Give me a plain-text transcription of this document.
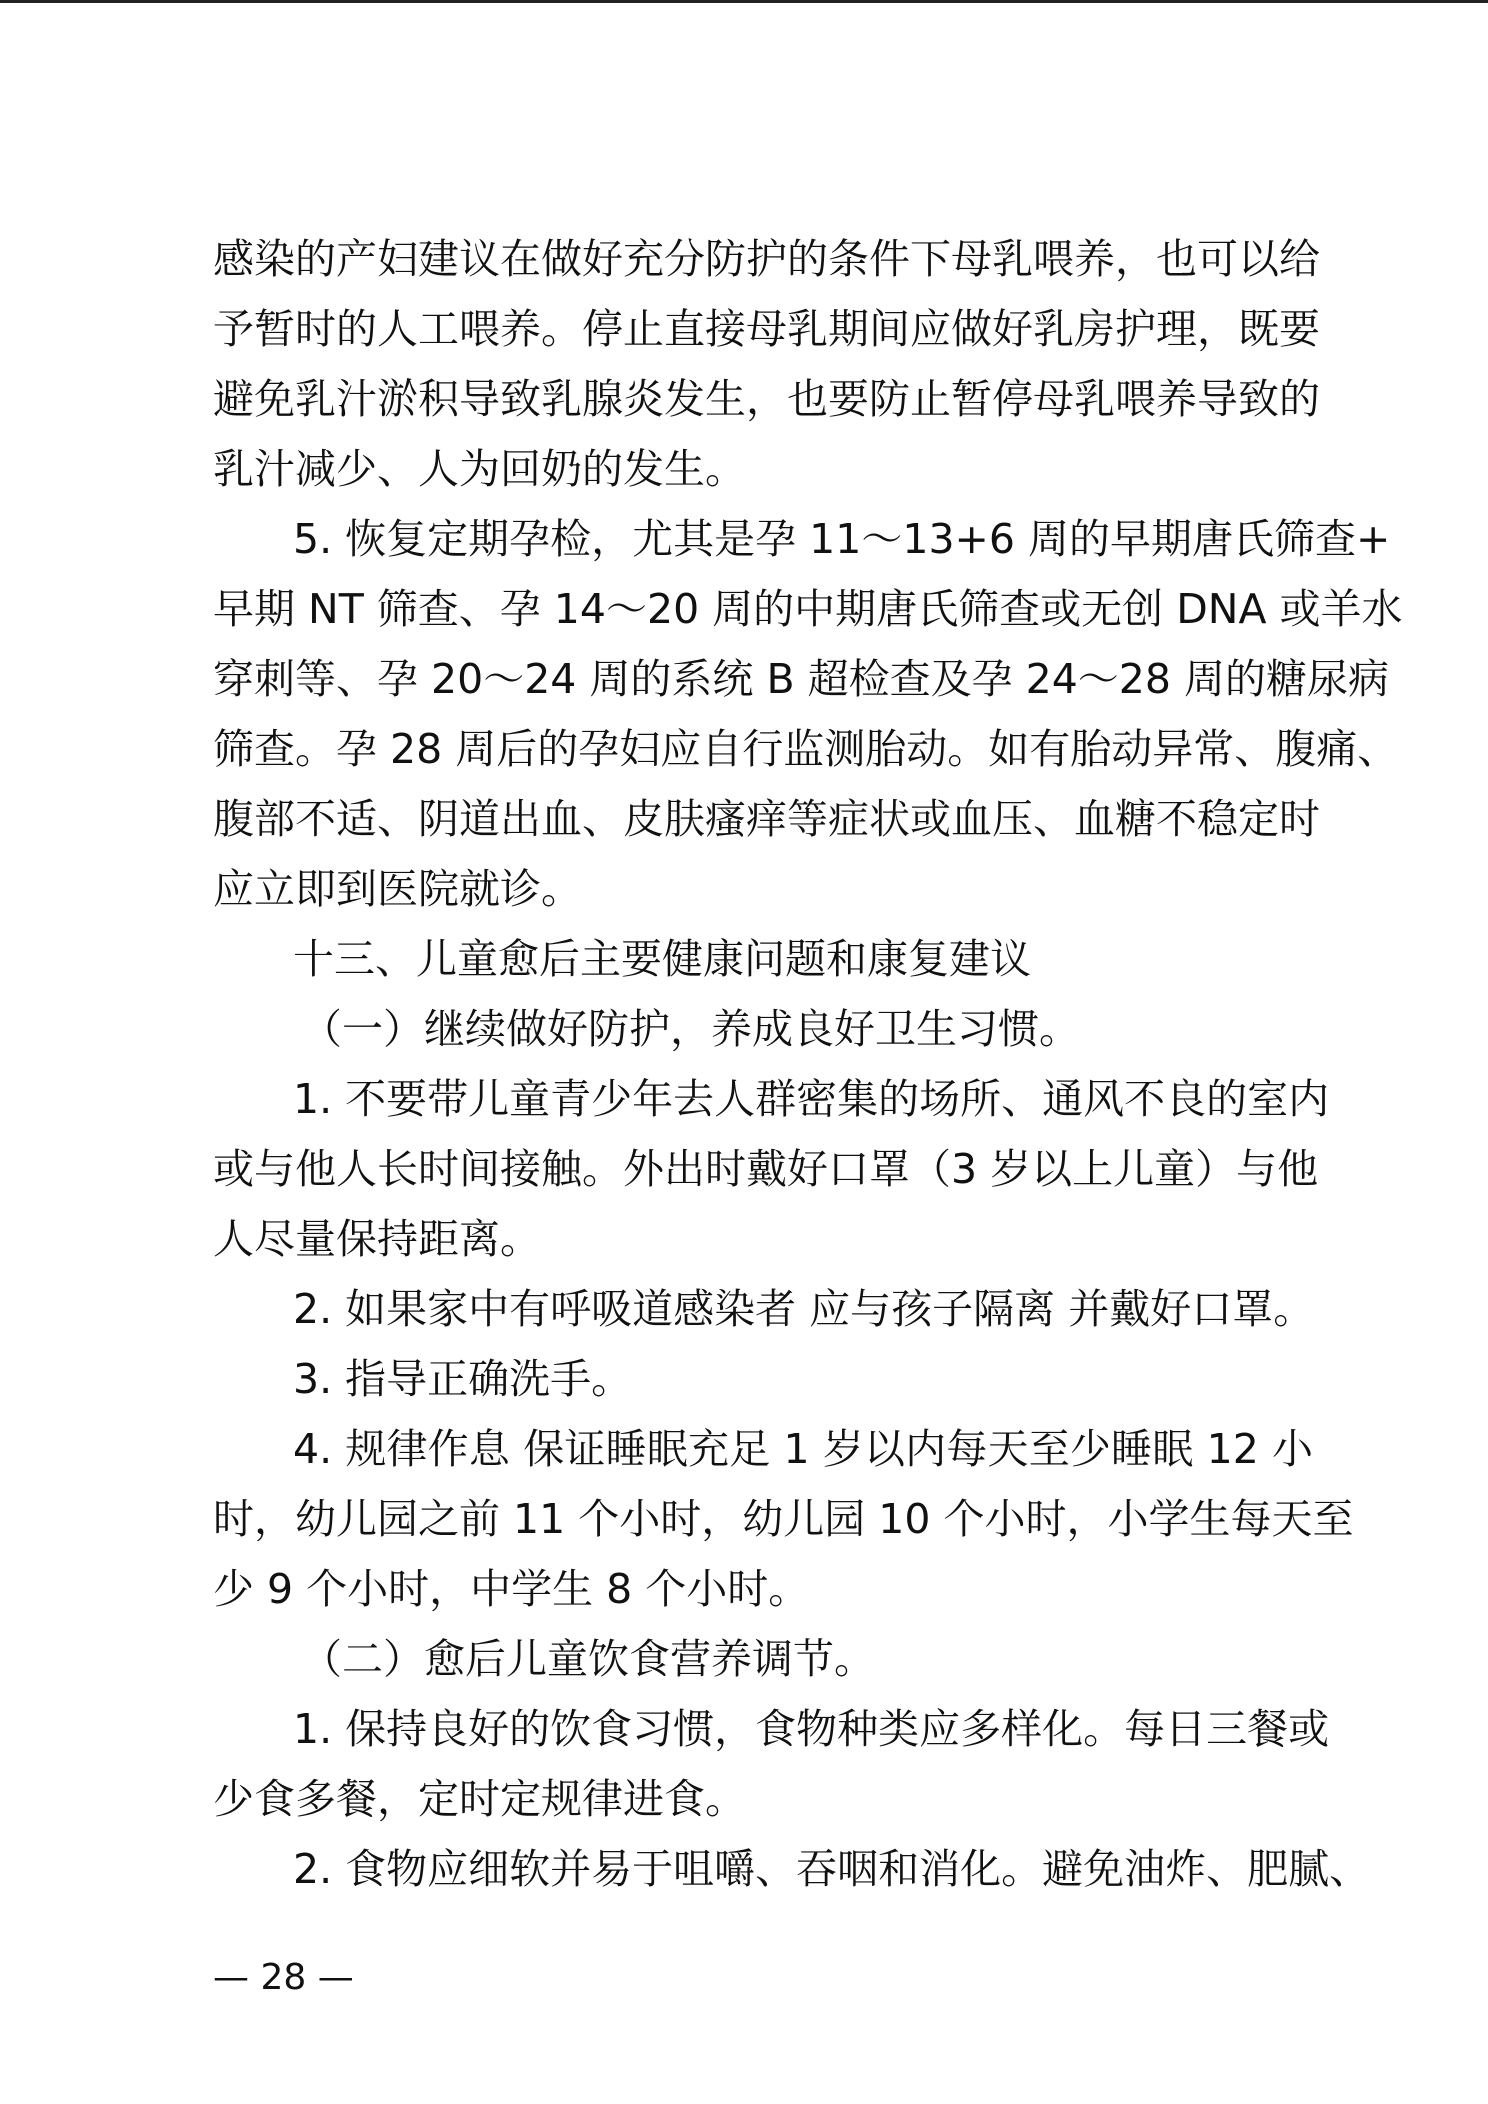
感染的产妇建议在做好充分防护的条件下母乳喂养，也可以给
予暂时的人工喂养。停止直接母乳期间应做好乳房护理，既要
避免乳汁淤积导致乳腺炎发生，也要防止暂停母乳喂养导致的
乳汁减少、人为回奶的发生。
5. 恢复定期孕检，尤其是孕 11～13+6 周的早期唐氏筛查+
早期 NT 筛查、孕 14～20 周的中期唐氏筛查或无创 DNA 或羊水
穿刺等、孕 20～24 周的系统 B 超检查及孕 24～28 周的糖尿病
筛查。孕 28 周后的孕妇应自行监测胎动。如有胎动异常、腹痛、
腹部不适、阴道出血、皮肤瘙痒等症状或血压、血糖不稳定时
应立即到医院就诊。
十三、儿童愈后主要健康问题和康复建议
（一）继续做好防护，养成良好卫生习惯。
1. 不要带儿童青少年去人群密集的场所、通风不良的室内
或与他人长时间接触。外出时戴好口罩（3 岁以上儿童）与他
人尽量保持距离。
2. 如果家中有呼吸道感染者 应与孩子隔离 并戴好口罩。
3. 指导正确洗手。
4. 规律作息 保证睡眠充足 1 岁以内每天至少睡眠 12 小
时，幼儿园之前 11 个小时，幼儿园 10 个小时，小学生每天至
少 9 个小时，中学生 8 个小时。
（二）愈后儿童饮食营养调节。
1. 保持良好的饮食习惯，食物种类应多样化。每日三餐或
少食多餐，定时定规律进食。
2. 食物应细软并易于咀嚼、吞咽和消化。避免油炸、肥腻、
— 28 —
